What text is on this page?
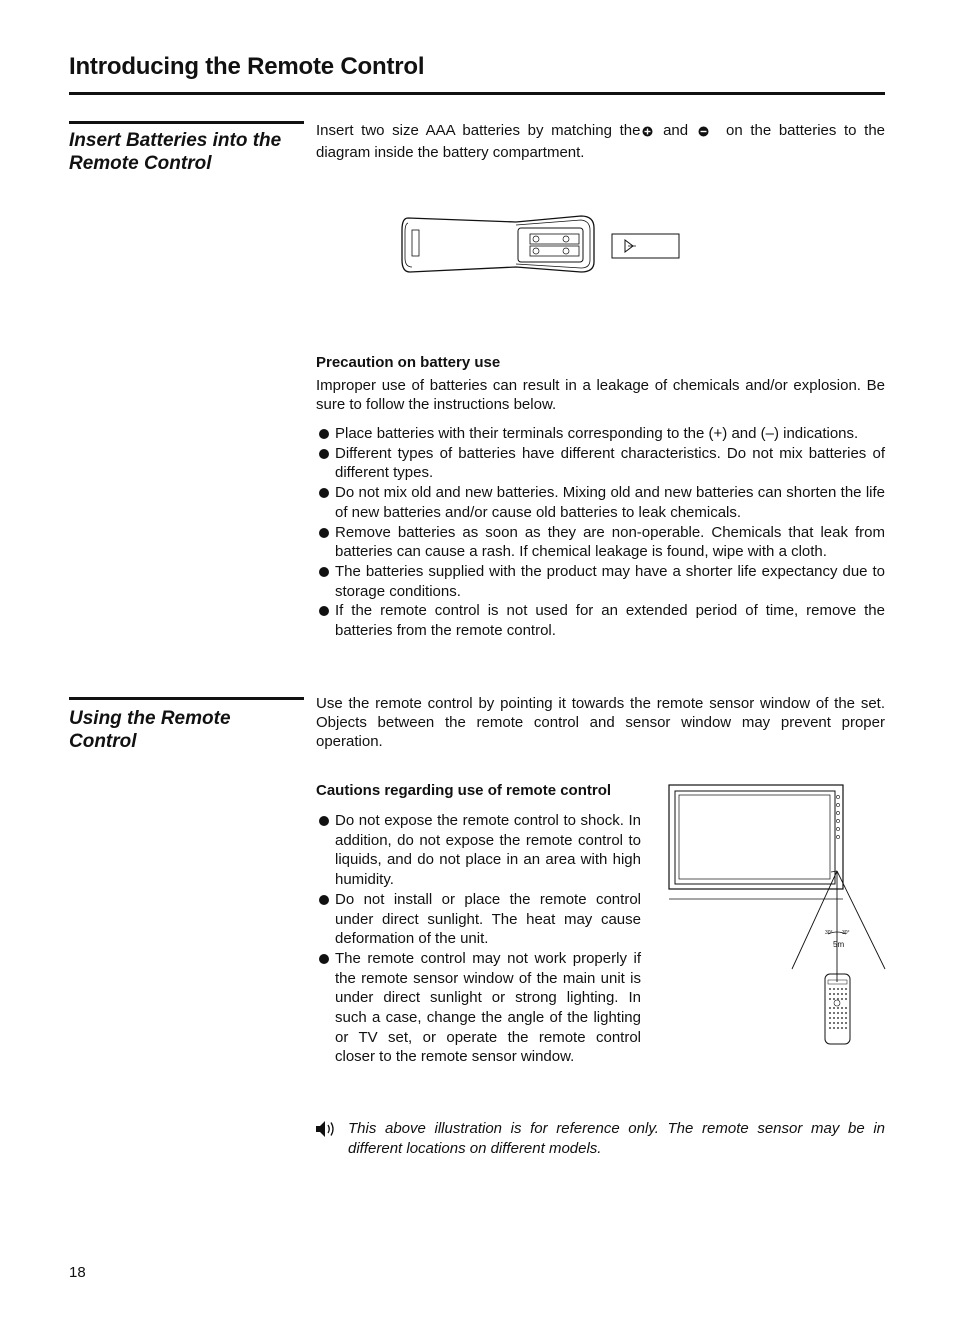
Introducing the Remote Control
Insert Batteries into the Remote Control
Insert two size AAA batteries by matching the and	on the batteries to the diagram inside the battery compartment.
Precaution on battery use
Improper use of batteries can result in a leakage of chemicals and/or explosion. Be sure to follow the instructions below.
Place batteries with their terminals corresponding to the (+) and (–) indications.
Different types of batteries have different characteristics. Do not mix batteries of different types.
Do not mix old and new batteries. Mixing old and new batteries can shorten the life of new batteries and/or cause old batteries to leak chemicals.
Remove batteries as soon as they are non-operable. Chemicals that leak from batteries can cause a rash. If chemical leakage is found, wipe with a cloth.
The batteries supplied with the product may have a shorter life expectancy due to storage conditions.
If the remote control is not used for an extended period of time, remove the batteries from the remote control.
Using the Remote Control
Use the remote control by pointing it towards the remote sensor window of the set. Objects between the remote control and sensor window may prevent proper operation.
Cautions regarding use of remote control
Do not expose the remote control to shock. In addition, do not expose the remote control to liquids, and do not place in an area with high humidity.
Do not install or place the remote control under direct sunlight. The heat may cause deformation of the unit.
The remote control may not work properly if the remote sensor window of the main unit is under direct sunlight or strong lighting. In such a case, change the angle of the lighting or TV set, or operate the remote control closer to the remote sensor window.
5m
30° 30°
This above illustration is for reference only. The remote sensor may be in different locations on different models.
18
